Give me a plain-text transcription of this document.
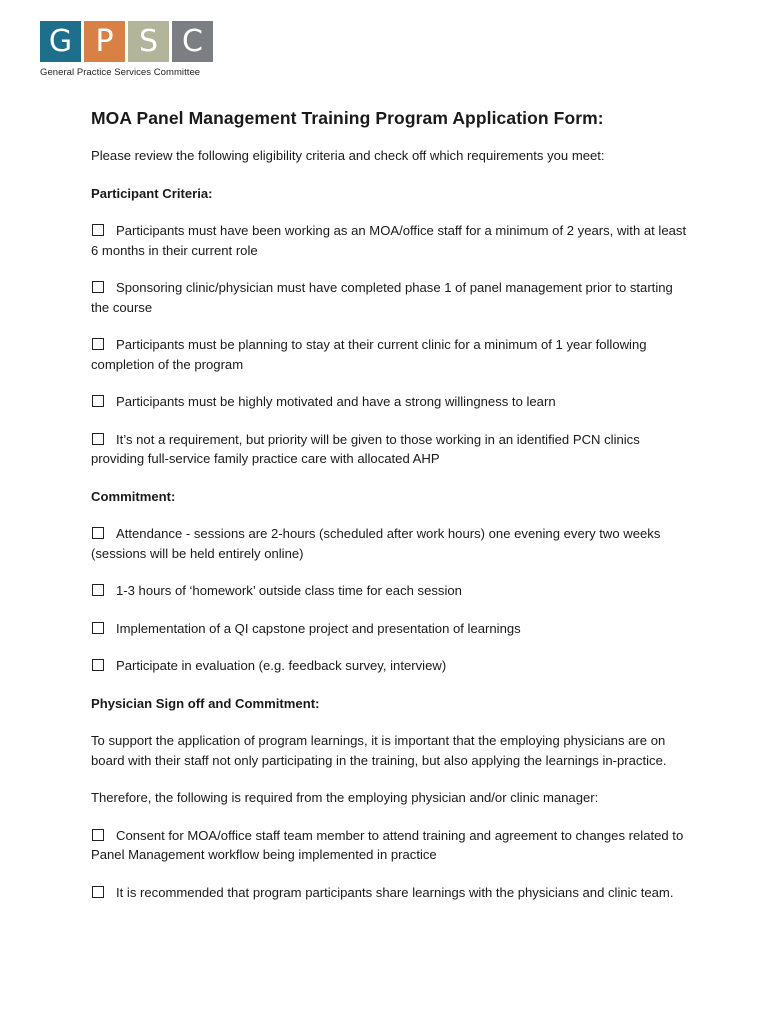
G P S C
General Practice Services Committee
MOA Panel Management Training Program Application Form:

Please review the following eligibility criteria and check off which requirements you meet:

Participant Criteria:

Participants must have been working as an MOA/office staff for a minimum of 2 years, with at least 6 months in their current role
Sponsoring clinic/physician must have completed phase 1 of panel management prior to starting the course
Participants must be planning to stay at their current clinic for a minimum of 1 year following completion of the program
Participants must be highly motivated and have a strong willingness to learn
It’s not a requirement, but priority will be given to those working in an identified PCN clinics providing full-service family practice care with allocated AHP

Commitment:

Attendance - sessions are 2-hours (scheduled after work hours) one evening every two weeks (sessions will be held entirely online)
1-3 hours of ‘homework’ outside class time for each session
Implementation of a QI capstone project and presentation of learnings
Participate in evaluation (e.g. feedback survey, interview)

Physician Sign off and Commitment:

To support the application of program learnings, it is important that the employing physicians are on board with their staff not only participating in the training, but also applying the learnings in-practice.

Therefore, the following is required from the employing physician and/or clinic manager:

Consent for MOA/office staff team member to attend training and agreement to changes related to Panel Management workflow being implemented in practice
It is recommended that program participants share learnings with the physicians and clinic team.
